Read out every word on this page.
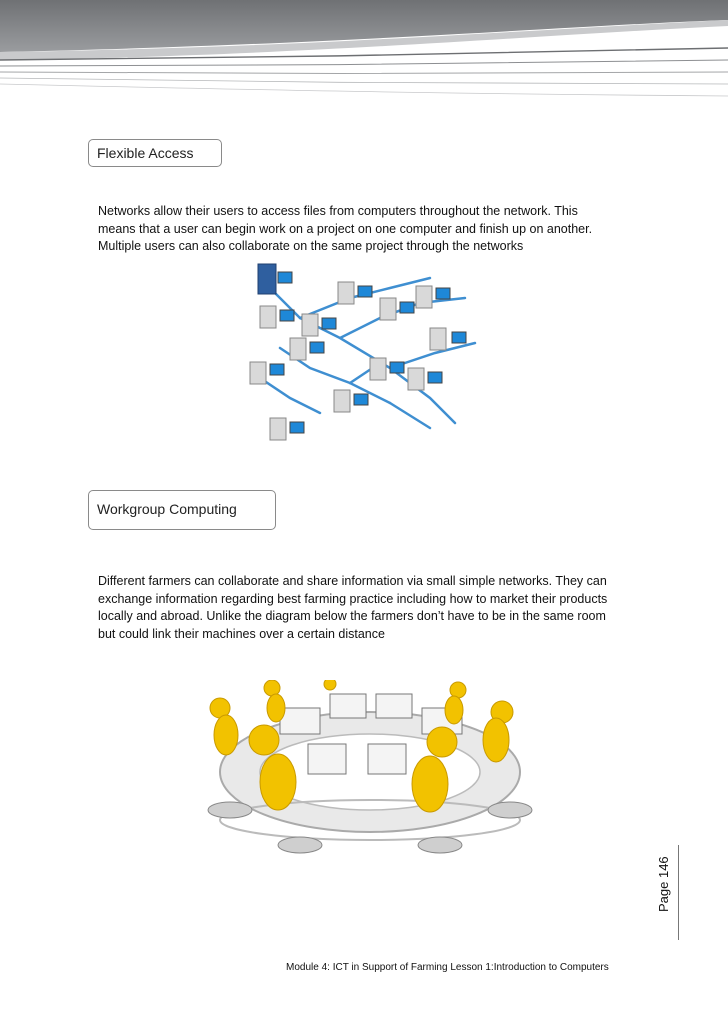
Flexible Access
Networks allow their users to access files from computers throughout the network. This
means that a user can begin work on a project on one computer and finish up on another.
Multiple users can also collaborate on the same project through the networks
Workgroup Computing
Different farmers can collaborate and share information via small simple networks. They can
exchange information regarding best farming practice including how to market their products
locally and abroad. Unlike the diagram below the farmers don’t have to be in the same room
but could link their machines over a certain distance
Page 146
Module 4: ICT in Support of Farming Lesson 1:Introduction to Computers
